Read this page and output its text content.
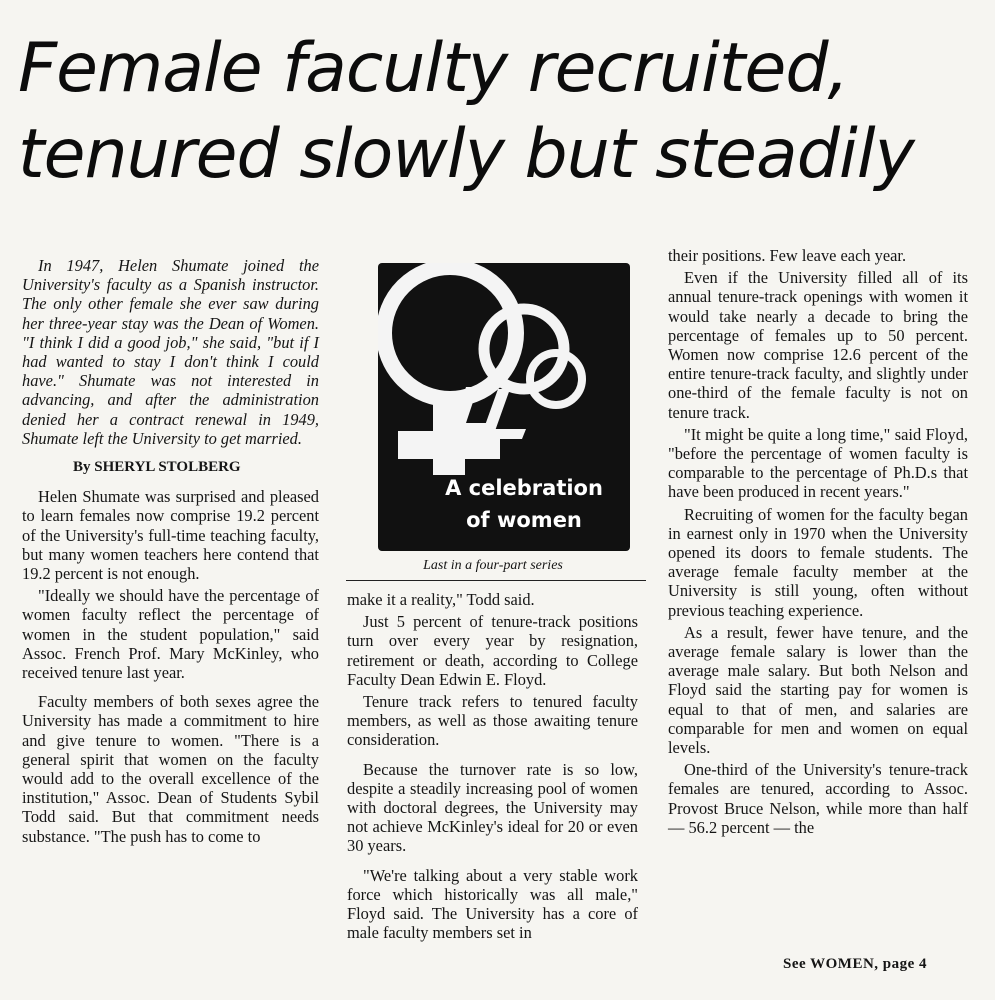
Female faculty recruited,
tenured slowly but steadily

In 1947, Helen Shumate joined the University's faculty as a Spanish instructor. The only other female she ever saw during her three-year stay was the Dean of Women. "I think I did a good job," she said, "but if I had wanted to stay I don't think I could have." Shumate was not interested in advancing, and after the administration denied her a contract renewal in 1949, Shumate left the University to get married.

By SHERYL STOLBERG

Helen Shumate was surprised and pleased to learn females now comprise 19.2 percent of the University's full-time teaching faculty, but many women teachers here contend that 19.2 percent is not enough.

"Ideally we should have the percentage of women faculty reflect the percentage of women in the student population," said Assoc. French Prof. Mary McKinley, who received tenure last year.

Faculty members of both sexes agree the University has made a commitment to hire and give tenure to women. "There is a general spirit that women on the faculty would add to the overall excellence of the institution," Assoc. Dean of Students Sybil Todd said. But that commitment needs substance. "The push has to come to

A celebration
of women
Last in a four-part series

make it a reality," Todd said.

Just 5 percent of tenure-track positions turn over every year by resignation, retirement or death, according to College Faculty Dean Edwin E. Floyd.

Tenure track refers to tenured faculty members, as well as those awaiting tenure consideration.

Because the turnover rate is so low, despite a steadily increasing pool of women with doctoral degrees, the University may not achieve McKinley's ideal for 20 or even 30 years.

"We're talking about a very stable work force which historically was all male," Floyd said. The University has a core of male faculty members set in

their positions. Few leave each year.

Even if the University filled all of its annual tenure-track openings with women it would take nearly a decade to bring the percentage of females up to 50 percent. Women now comprise 12.6 percent of the entire tenure-track faculty, and slightly under one-third of the female faculty is not on tenure track.

"It might be quite a long time," said Floyd, "before the percentage of women faculty is comparable to the percentage of Ph.D.s that have been produced in recent years."

Recruiting of women for the faculty began in earnest only in 1970 when the University opened its doors to female students. The average female faculty member at the University is still young, often without previous teaching experience.

As a result, fewer have tenure, and the average female salary is lower than the average male salary. But both Nelson and Floyd said the starting pay for women is equal to that of men, and salaries are comparable for men and women on equal levels.

One-third of the University's tenure-track females are tenured, according to Assoc. Provost Bruce Nelson, while more than half — 56.2 percent — the

See WOMEN, page 4
